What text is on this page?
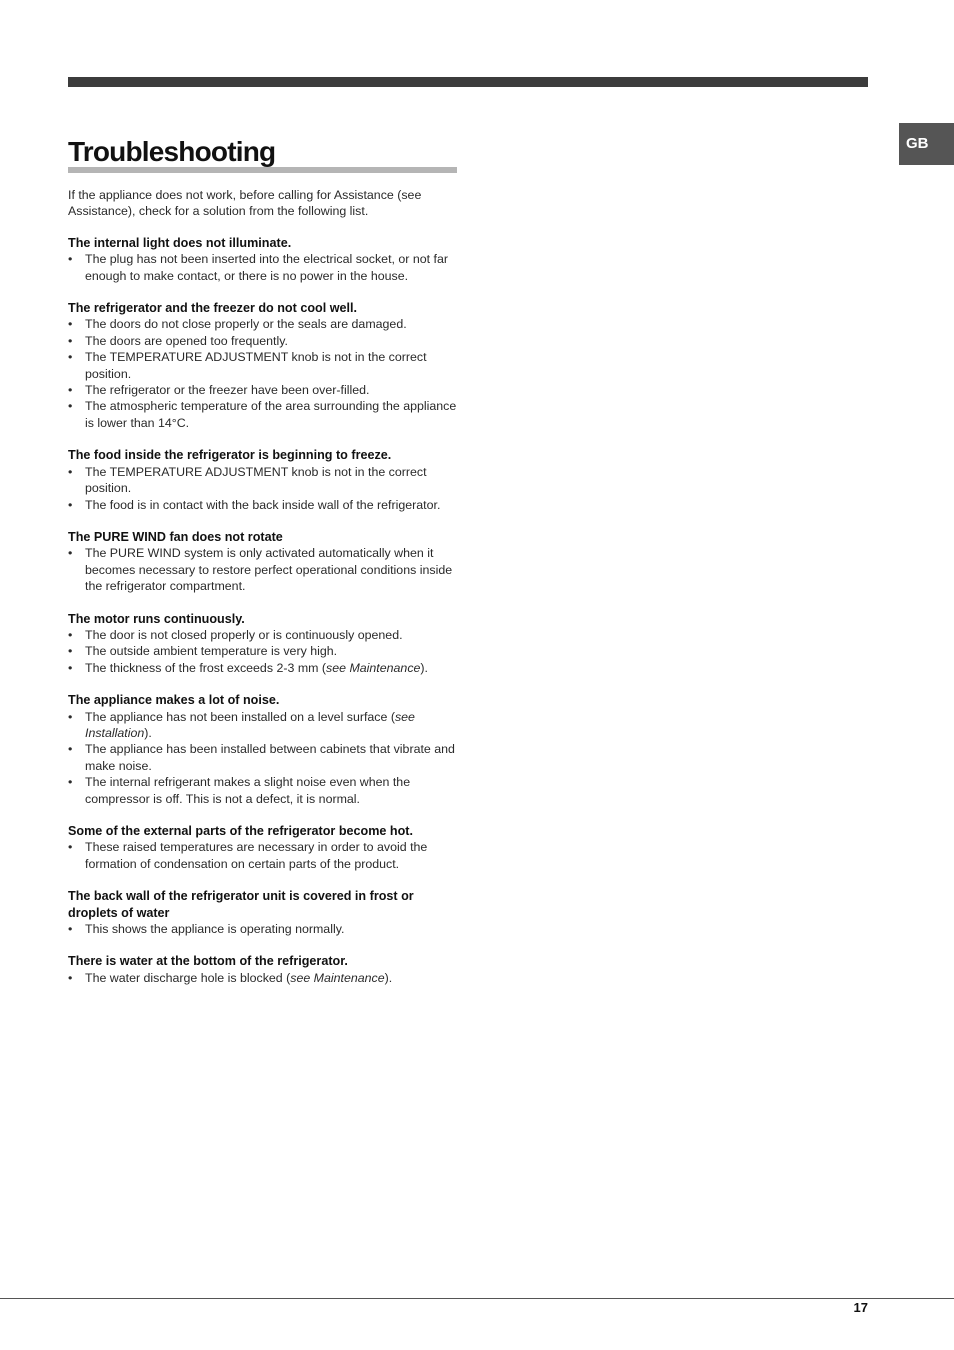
GB
Troubleshooting

If the appliance does not work, before calling for Assistance (see Assistance), check for a solution from the following list.

The internal light does not illuminate.
• The plug has not been inserted into the electrical socket, or not far enough to make contact, or there is no power in the house.
The refrigerator and the freezer do not cool well.
• The doors do not close properly or the seals are damaged.
• The doors are opened too frequently.
• The TEMPERATURE ADJUSTMENT knob is not in the correct position.
• The refrigerator or the freezer have been over-filled.
• The atmospheric temperature of the area surrounding the appliance is lower than 14°C.
The food inside the refrigerator is beginning to freeze.
• The TEMPERATURE ADJUSTMENT knob is not in the correct position.
• The food is in contact with the back inside wall of the refrigerator.
The PURE WIND fan does not rotate
• The PURE WIND system is only activated automatically when it becomes necessary to restore perfect operational conditions inside the refrigerator compartment.
The motor runs continuously.
• The door is not closed properly or is continuously opened.
• The outside ambient temperature is very high.
• The thickness of the frost exceeds 2-3 mm (see Maintenance).
The appliance makes a lot of noise.
• The appliance has not been installed on a level surface (see Installation).
• The appliance has been installed between cabinets that vibrate and make noise.
• The internal refrigerant makes a slight noise even when the compressor is off. This is not a defect, it is normal.
Some of the external parts of the refrigerator become hot.
• These raised temperatures are necessary in order to avoid the formation of condensation on certain parts of the product.
The back wall of the refrigerator unit is covered in frost or droplets of water
• This shows the appliance is operating normally.
There is water at the bottom of the refrigerator.
• The water discharge hole is blocked (see Maintenance).
17
